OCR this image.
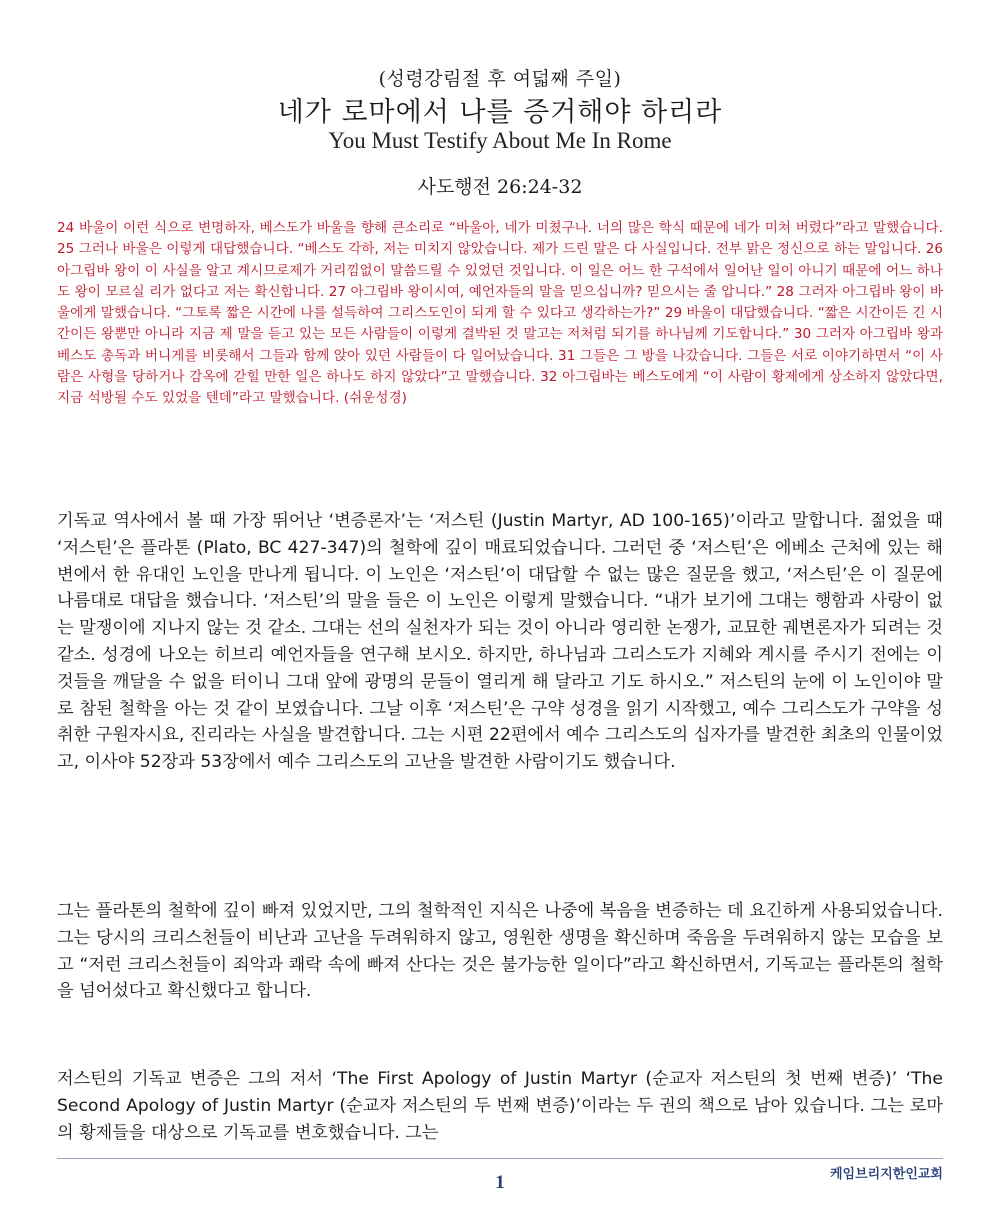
(성령강림절 후 여덟째 주일)
네가 로마에서 나를 증거해야 하리라
You Must Testify About Me In Rome
사도행전 26:24-32

24 바울이 이런 식으로 변명하자, 베스도가 바울을 향해 큰소리로 “바울아, 네가 미쳤구나. 너의 많은 학식 때문에 네가 미쳐 버렸다”라고 말했습니다. 25 그러나 바울은 이렇게 대답했습니다. “베스도 각하, 저는 미치지 않았습니다. 제가 드린 말은 다 사실입니다. 전부 맑은 정신으로 하는 말입니다. 26 아그립바 왕이 이 사실을 알고 계시므로제가 거리낌없이 말씀드릴 수 있었던 것입니다. 이 일은 어느 한 구석에서 일어난 일이 아니기 때문에 어느 하나도 왕이 모르실 리가 없다고 저는 확신합니다. 27 아그립바 왕이시여, 예언자들의 말을 믿으십니까? 믿으시는 줄 압니다.” 28 그러자 아그립바 왕이 바울에게 말했습니다. “그토록 짧은 시간에 나를 설득하여 그리스도인이 되게 할 수 있다고 생각하는가?” 29 바울이 대답했습니다. “짧은 시간이든 긴 시간이든 왕뿐만 아니라 지금 제 말을 듣고 있는 모든 사람들이 이렇게 결박된 것 말고는 저처럼 되기를 하나님께 기도합니다.” 30 그러자 아그립바 왕과 베스도 총독과 버니게를 비롯해서 그들과 함께 앉아 있던 사람들이 다 일어났습니다. 31 그들은 그 방을 나갔습니다. 그들은 서로 이야기하면서 “이 사람은 사형을 당하거나 감옥에 갇힐 만한 일은 하나도 하지 않았다”고 말했습니다. 32 아그립바는 베스도에게 “이 사람이 황제에게 상소하지 않았다면, 지금 석방될 수도 있었을 텐데”라고 말했습니다. (쉬운성경)

기독교 역사에서 볼 때 가장 뛰어난 ‘변증론자’는 ‘저스틴 (Justin Martyr, AD 100-165)’이라고 말합니다. 젊었을 때 ‘저스틴’은 플라톤 (Plato, BC 427-347)의 철학에 깊이 매료되었습니다. 그러던 중 ‘저스틴’은 에베소 근처에 있는 해변에서 한 유대인 노인을 만나게 됩니다. 이 노인은 ‘저스틴’이 대답할 수 없는 많은 질문을 했고, ‘저스틴’은 이 질문에 나름대로 대답을 했습니다. ‘저스틴’의 말을 들은 이 노인은 이렇게 말했습니다. “내가 보기에 그대는 행함과 사랑이 없는 말쟁이에 지나지 않는 것 같소. 그대는 선의 실천자가 되는 것이 아니라 영리한 논쟁가, 교묘한 궤변론자가 되려는 것 같소. 성경에 나오는 히브리 예언자들을 연구해 보시오. 하지만, 하나님과 그리스도가 지혜와 계시를 주시기 전에는 이것들을 깨달을 수 없을 터이니 그대 앞에 광명의 문들이 열리게 해 달라고 기도 하시오.” 저스틴의 눈에 이 노인이야 말로 참된 철학을 아는 것 같이 보였습니다. 그날 이후 ‘저스틴’은 구약 성경을 읽기 시작했고, 예수 그리스도가 구약을 성취한 구원자시요, 진리라는 사실을 발견합니다. 그는 시편 22편에서 예수 그리스도의 십자가를 발견한 최초의 인물이었고, 이사야 52장과 53장에서 예수 그리스도의 고난을 발견한 사람이기도 했습니다.

그는 플라톤의 철학에 깊이 빠져 있었지만, 그의 철학적인 지식은 나중에 복음을 변증하는 데 요긴하게 사용되었습니다. 그는 당시의 크리스천들이 비난과 고난을 두려워하지 않고, 영원한 생명을 확신하며 죽음을 두려워하지 않는 모습을 보고 “저런 크리스천들이 죄악과 쾌락 속에 빠져 산다는 것은 불가능한 일이다”라고 확신하면서, 기독교는 플라톤의 철학을 넘어섰다고 확신했다고 합니다.

저스틴의 기독교 변증은 그의 저서 ‘The First Apology of Justin Martyr (순교자 저스틴의 첫 번째 변증)’ ‘The Second Apology of Justin Martyr (순교자 저스틴의 두 번째 변증)’이라는 두 권의 책으로 남아 있습니다. 그는 로마의 황제들을 대상으로 기독교를 변호했습니다. 그는

케임브리지한인교회
1
